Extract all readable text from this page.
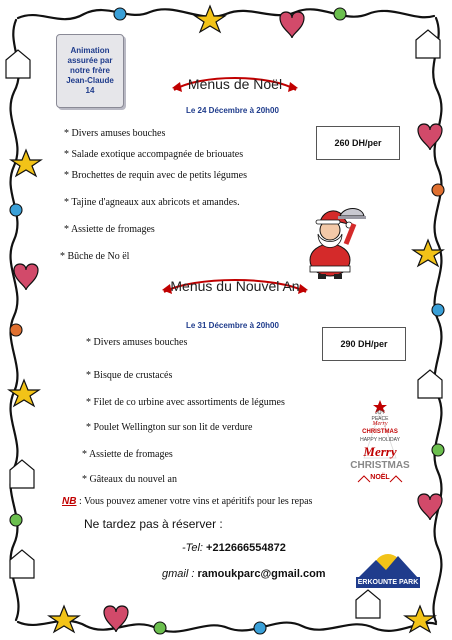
Animation
assurée par
notre frère
Jean-Claude
14	Menus de Noël
Le 24 Décembre à 20h00
* Divers amuses bouches
* Salade exotique accompagnée de briouates
* Brochettes de requin avec de petits légumes
* Tajine d'agneaux aux abricots et amandes.
* Assiette de fromages
* Bûche de No ël
260 DH/per
Menus du Nouvel An
Le 31 Décembre à 20h00
* Divers amuses bouches
* Bisque de crustacés
* Filet de co urbine avec assortiments de légumes
* Poulet Wellington sur son lit de verdure
* Assiette de fromages
* Gâteaux du nouvel an
290 DH/per
JOY
PEACE
Merry
CHRISTMAS
HAPPY HOLIDAY
Merry
CHRISTMAS
NOËL
NB : Vous pouvez amener votre vins et apéritifs pour les repas
Ne tardez pas à réserver :
-Tel: +212666554872
gmail : ramoukparc@gmail.com
ERKOUNTE PARK
